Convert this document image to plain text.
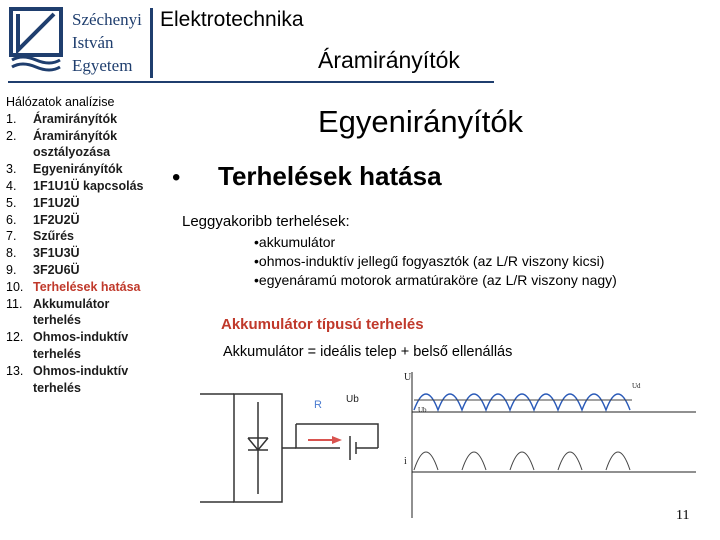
Széchenyi
István
Egyetem
Elektrotechnika
Áramirányítók
Hálózatok analízise
1.	Áramirányítók
2.	Áramirányítók osztályozása
3.	Egyenirányítók
4.	1F1U1Ü kapcsolás
5.	1F1U2Ü
6.	1F2U2Ü
7.	Szűrés
8.	3F1U3Ü
9.	3F2U6Ü
10. Terhelések hatása
11. Akkumulátor terhelés
12. Ohmos-induktív terhelés
13. Ohmos-induktív terhelés
Egyenirányítók
• Terhelések hatása
Leggyakoribb terhelések:
•akkumulátor
•ohmos-induktív jellegű fogyasztók (az L/R viszony kicsi)
•egyenáramú motorok armatúraköre (az L/R viszony nagy)
Akkumulátor típusú terhelés
Akkumulátor = ideális telep + belső ellenállás
R Ub
U
i
Ub
Ud
11
